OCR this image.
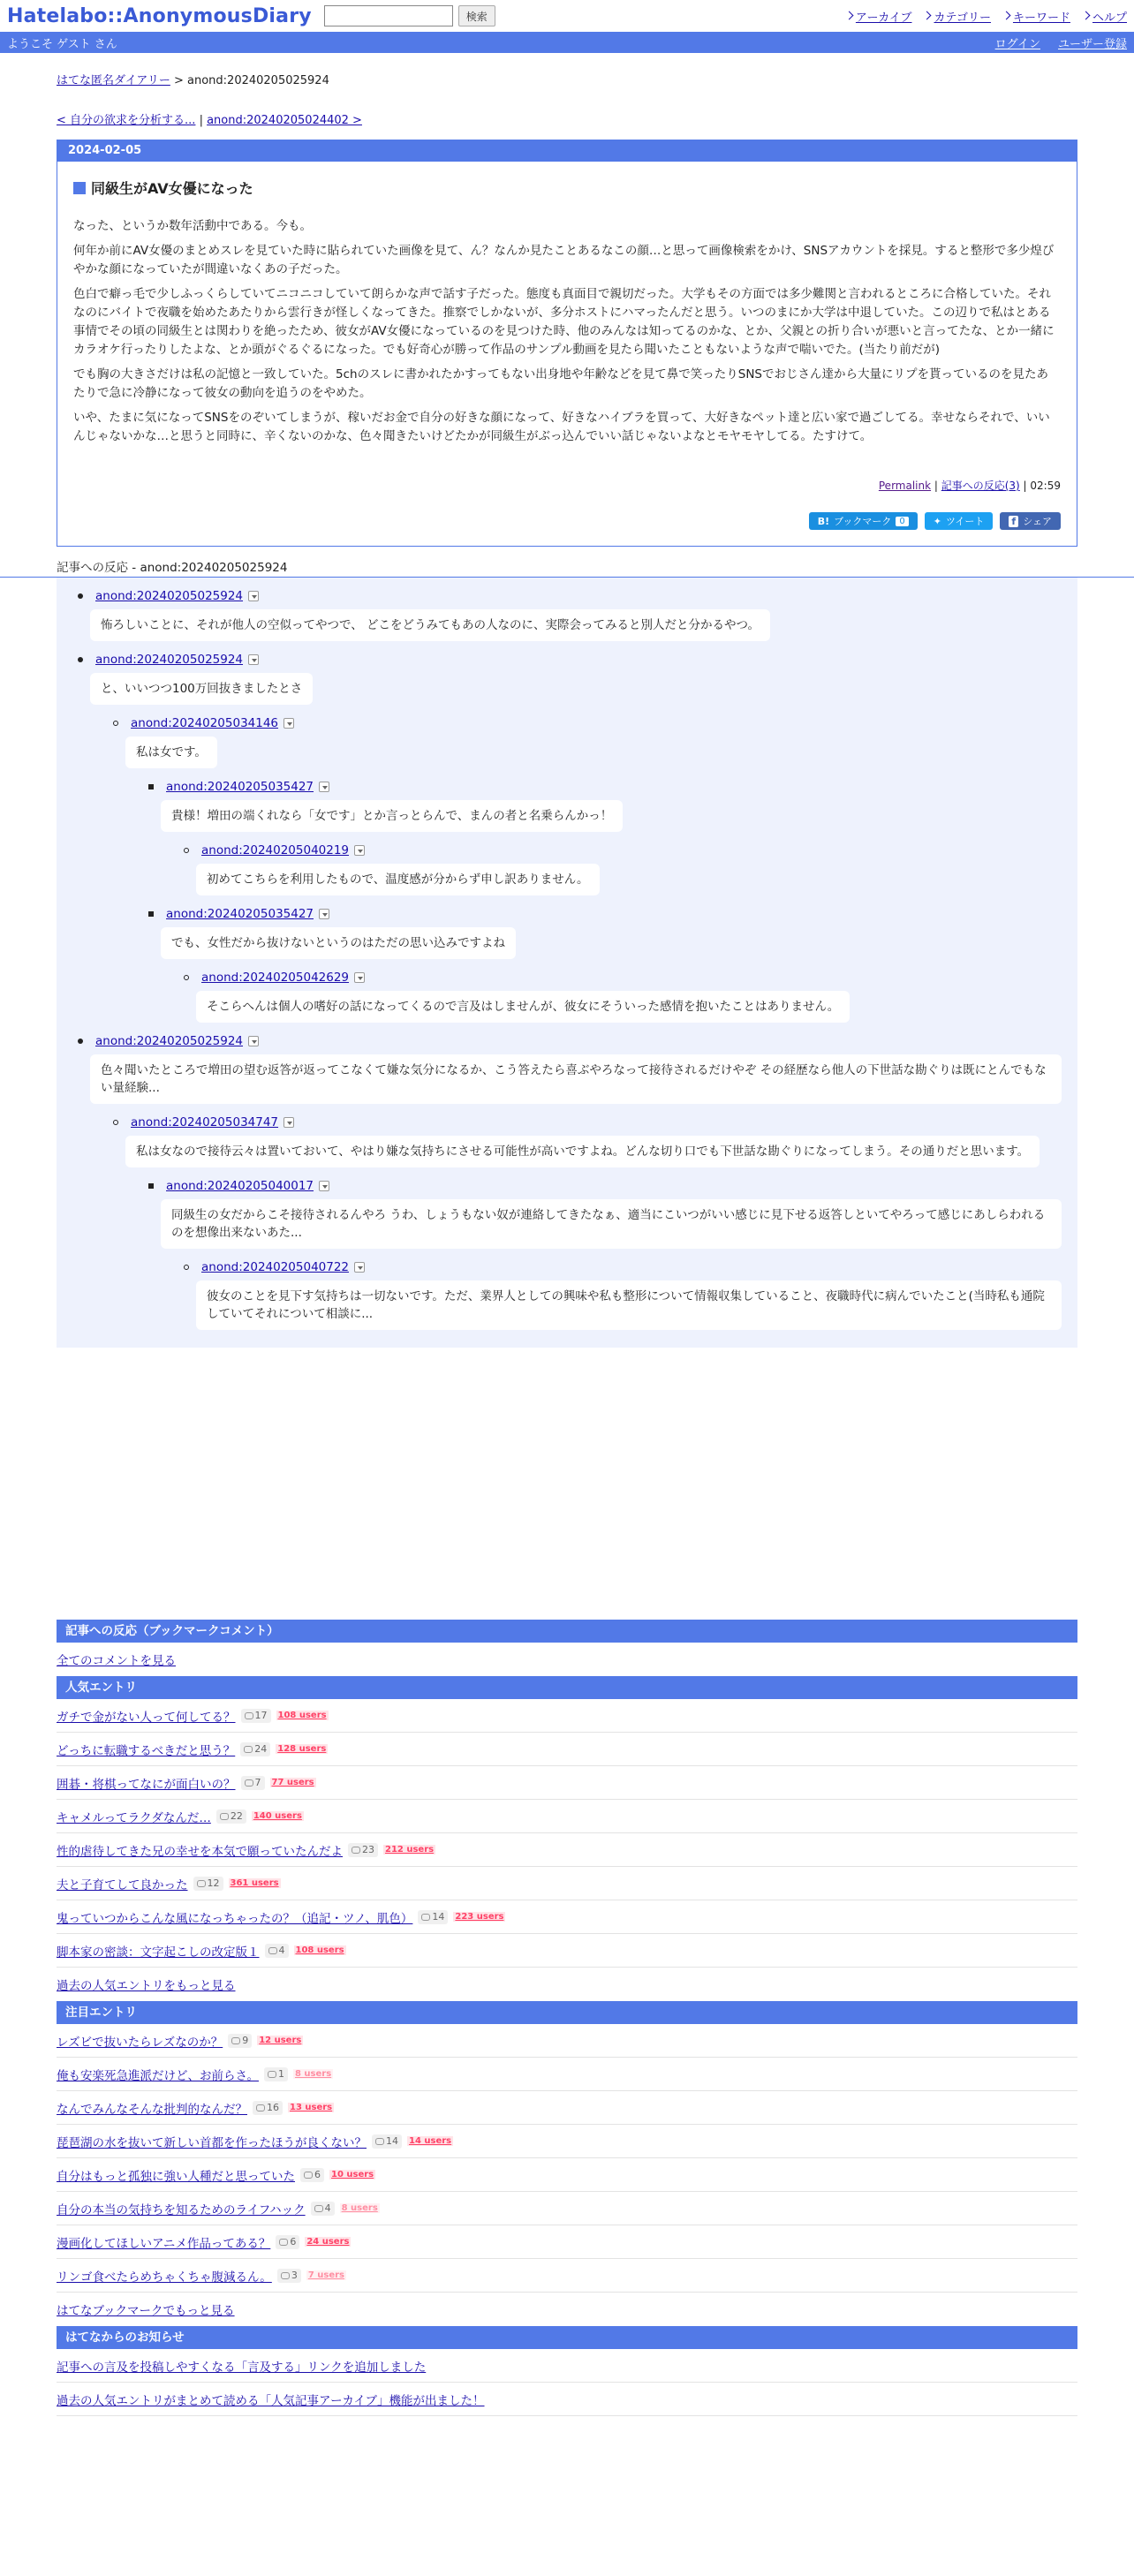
Hatelabo::AnonymousDiary	検索	アーカイブ カテゴリー キーワード ヘルプ
ようこそ ゲスト さん	ログイン ユーザー登録
はてな匿名ダイアリー > anond:20240205025924
< 自分の欲求を分析する... | anond:20240205024402 >
2024-02-05
同級生がAV女優になった

なった、というか数年活動中である。今も。

何年か前にAV女優のまとめスレを見ていた時に貼られていた画像を見て、ん？なんか見たことあるなこの顔…と思って画像検索をかけ、SNSアカウントを採見。すると整形で多少煌びやかな顔になっていたが間違いなくあの子だった。

色白で癖っ毛で少しふっくらしていてニコニコしていて朗らかな声で話す子だった。態度も真面目で親切だった。大学もその方面では多少難関と言われるところに合格していた。それなのにバイトで夜職を始めたあたりから雲行きが怪しくなってきた。推察でしかないが、多分ホストにハマったんだと思う。いつのまにか大学は中退していた。この辺りで私はとある事情でその頃の同級生とは関わりを絶ったため、彼女がAV女優になっているのを見つけた時、他のみんなは知ってるのかな、とか、父親との折り合いが悪いと言ってたな、とか一緒にカラオケ行ったりしたよな、とか頭がぐるぐるになった。でも好奇心が勝って作品のサンプル動画を見たら聞いたこともないような声で喘いでた。(当たり前だが)

でも胸の大きさだけは私の記憶と一致していた。5chのスレに書かれたかすってもない出身地や年齢などを見て鼻で笑ったりSNSでおじさん達から大量にリプを貰っているのを見たあたりで急に冷静になって彼女の動向を追うのをやめた。

いや、たまに気になってSNSをのぞいてしまうが、稼いだお金で自分の好きな顔になって、好きなハイブラを買って、大好きなペット達と広い家で過ごしてる。幸せならそれで、いいんじゃないかな…と思うと同時に、辛くないのかな、色々聞きたいけどたかが同級生がぶっ込んでいい話じゃないよなとモヤモヤしてる。たすけて。

Permalink | 記事への反応(3) | 02:59
B! ブックマーク 0	✦ ツイート	f シェア
記事への反応 - anond:20240205025924
anond:20240205025924
怖ろしいことに、それが他人の空似ってやつで、 どこをどうみてもあの人なのに、実際会ってみると別人だと分かるやつ。
anond:20240205025924
と、いいつつ100万回抜きましたとさ
anond:20240205034146
私は女です。
anond:20240205035427
貴様！増田の端くれなら「女です」とか言っとらんで、まんの者と名乗らんかっ！
anond:20240205040219
初めてこちらを利用したもので、温度感が分からず申し訳ありません。
anond:20240205035427
でも、女性だから抜けないというのはただの思い込みですよね
anond:20240205042629
そこらへんは個人の嗜好の話になってくるので言及はしませんが、彼女にそういった感情を抱いたことはありません。
anond:20240205025924
色々聞いたところで増田の望む返答が返ってこなくて嫌な気分になるか、こう答えたら喜ぶやろなって接待されるだけやぞ その経歴なら他人の下世話な勘ぐりは既にとんでもない量経験...
anond:20240205034747
私は女なので接待云々は置いておいて、やはり嫌な気持ちにさせる可能性が高いですよね。どんな切り口でも下世話な勘ぐりになってしまう。その通りだと思います。
anond:20240205040017
同級生の女だからこそ接待されるんやろ うわ、しょうもない奴が連絡してきたなぁ、適当にこいつがいい感じに見下せる返答しといてやろって感じにあしらわれるのを想像出来ないあた...
anond:20240205040722
彼女のことを見下す気持ちは一切ないです。ただ、業界人としての興味や私も整形について情報収集していること、夜職時代に病んでいたこと(当時私も通院していてそれについて相談に...
記事への反応（ブックマークコメント）
全てのコメントを見る
人気エントリ
ガチで金がない人って何してる？ 17 108 users
どっちに転職するべきだと思う？ 24 128 users
囲碁・将棋ってなにが面白いの？ 7 77 users
キャメルってラクダなんだ… 22 140 users
性的虐待してきた兄の幸せを本気で願っていたんだよ 23 212 users
夫と子育てして良かった 12 361 users
鬼っていつからこんな風になっちゃったの？（追記・ツノ、肌色） 14 223 users
脚本家の密談：文字起こしの改定版１ 4 108 users
過去の人気エントリをもっと見る
注目エントリ
レズビで抜いたらレズなのか？ 9 12 users
俺も安楽死急進派だけど、お前らさ。 1 8 users
なんでみんなそんな批判的なんだ？ 16 13 users
琵琶湖の水を抜いて新しい首都を作ったほうが良くない？ 14 14 users
自分はもっと孤独に強い人種だと思っていた 6 10 users
自分の本当の気持ちを知るためのライフハック 4 8 users
漫画化してほしいアニメ作品ってある？ 6 24 users
リンゴ食べたらめちゃくちゃ腹減るん。 3 7 users
はてなブックマークでもっと見る
はてなからのお知らせ
記事への言及を投稿しやすくなる「言及する」リンクを追加しました
過去の人気エントリがまとめて読める「人気記事アーカイブ」機能が出ました！
